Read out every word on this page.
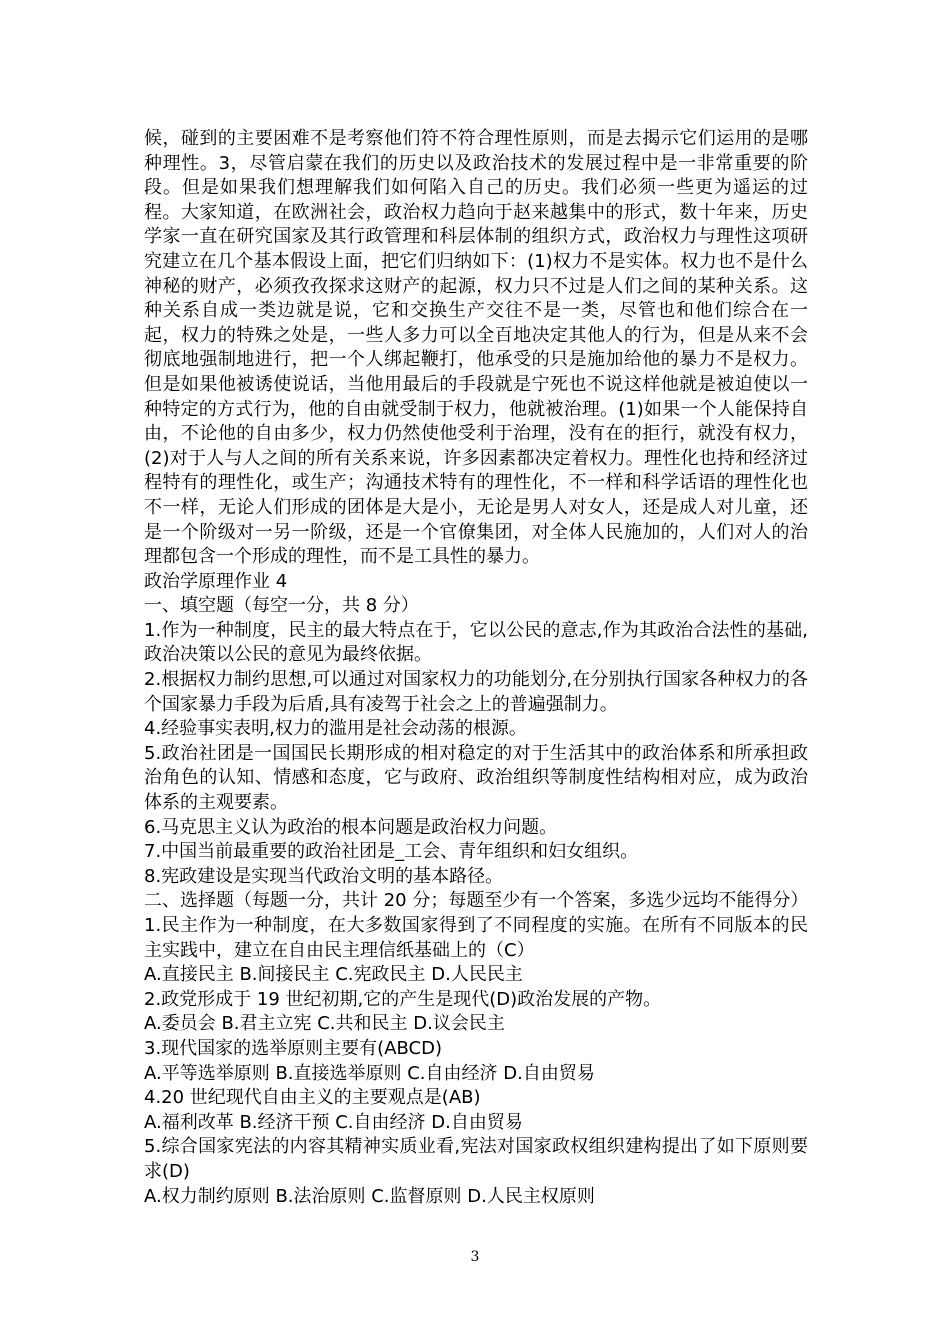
候，碰到的主要困难不是考察他们符不符合理性原则，而是去揭示它们运用的是哪种理性。3，尽管启蒙在我们的历史以及政治技术的发展过程中是一非常重要的阶段。但是如果我们想理解我们如何陷入自己的历史。我们必须一些更为遥运的过程。大家知道，在欧洲社会，政治权力趋向于赵来越集中的形式，数十年来，历史学家一直在研究国家及其行政管理和科层体制的组织方式，政治权力与理性这项研究建立在几个基本假设上面，把它们归纳如下：(1)权力不是实体。权力也不是什么神秘的财产，必须孜孜探求这财产的起源，权力只不过是人们之间的某种关系。这种关系自成一类边就是说，它和交换生产交往不是一类，尽管也和他们综合在一起，权力的特殊之处是，一些人多力可以全百地决定其他人的行为，但是从来不会彻底地强制地进行，把一个人绑起鞭打，他承受的只是施加给他的暴力不是权力。但是如果他被诱使说话，当他用最后的手段就是宁死也不说这样他就是被迫使以一种特定的方式行为，他的自由就受制于权力，他就被治理。(1)如果一个人能保持自由，不论他的自由多少，权力仍然使他受利于治理，没有在的拒行，就没有权力，(2)对于人与人之间的所有关系来说，许多因素都决定着权力。理性化也持和经济过程特有的理性化，或生产；沟通技术特有的理性化，不一样和科学话语的理性化也不一样，无论人们形成的团体是大是小，无论是男人对女人，还是成人对儿童，还是一个阶级对一另一阶级，还是一个官僚集团，对全体人民施加的，人们对人的治理都包含一个形成的理性，而不是工具性的暴力。

政治学原理作业 4

一、填空题（每空一分，共 8 分）

1.作为一种制度，民主的最大特点在于，它以公民的意志,作为其政治合法性的基础,政治决策以公民的意见为最终依据。

2.根据权力制约思想,可以通过对国家权力的功能划分,在分别执行国家各种权力的各个国家暴力手段为后盾,具有凌驾于社会之上的普遍强制力。

4.经验事实表明,权力的滥用是社会动荡的根源。

5.政治社团是一国国民长期形成的相对稳定的对于生活其中的政治体系和所承担政治角色的认知、情感和态度，它与政府、政治组织等制度性结构相对应，成为政治体系的主观要素。

6.马克思主义认为政治的根本问题是政治权力问题。

7.中国当前最重要的政治社团是_工会、青年组织和妇女组织。

8.宪政建设是实现当代政治文明的基本路径。

二、选择题（每题一分，共计 20 分；每题至少有一个答案，多选少远均不能得分）

1.民主作为一种制度，在大多数国家得到了不同程度的实施。在所有不同版本的民主实践中，建立在自由民主理信纸基础上的（C）

A.直接民主 B.间接民主 C.宪政民主 D.人民民主

2.政党形成于 19 世纪初期,它的产生是现代(D)政治发展的产物。

A.委员会 B.君主立宪 C.共和民主 D.议会民主

3.现代国家的选举原则主要有(ABCD)

A.平等选举原则 B.直接选举原则 C.自由经济 D.自由贸易

4.20 世纪现代自由主义的主要观点是(AB)

A.福利改革 B.经济干预 C.自由经济 D.自由贸易

5.综合国家宪法的内容其精神实质业看,宪法对国家政权组织建构提出了如下原则要求(D)

A.权力制约原则 B.法治原则 C.监督原则 D.人民主权原则

3
